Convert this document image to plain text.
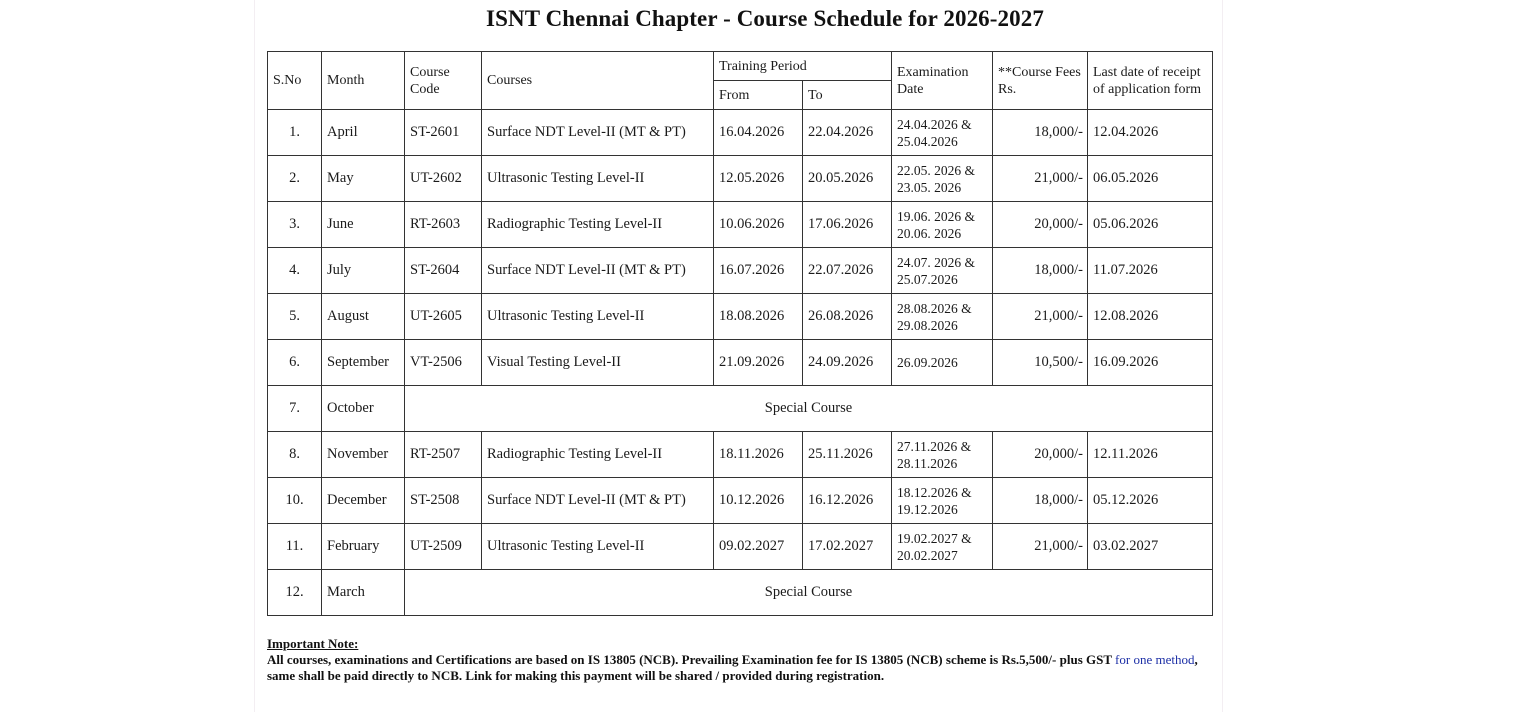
ISNT Chennai Chapter - Course Schedule for 2026-2027
S.No	Month	Course Code	Courses	Training Period		Examination Date	**Course Fees Rs.	Last date of receipt of application form
				From	To			
1.	April	ST-2601	Surface NDT Level-II (MT & PT)	16.04.2026	22.04.2026	24.04.2026 & 25.04.2026	18,000/-	12.04.2026
2.	May	UT-2602	Ultrasonic Testing Level-II	12.05.2026	20.05.2026	22.05. 2026 & 23.05. 2026	21,000/-	06.05.2026
3.	June	RT-2603	Radiographic Testing Level-II	10.06.2026	17.06.2026	19.06. 2026 & 20.06. 2026	20,000/-	05.06.2026
4.	July	ST-2604	Surface NDT Level-II (MT & PT)	16.07.2026	22.07.2026	24.07. 2026 & 25.07.2026	18,000/-	11.07.2026
5.	August	UT-2605	Ultrasonic Testing Level-II	18.08.2026	26.08.2026	28.08.2026 & 29.08.2026	21,000/-	12.08.2026
6.	September	VT-2506	Visual Testing Level-II	21.09.2026	24.09.2026	26.09.2026	10,500/-	16.09.2026
7.	October	Special Course						
8.	November	RT-2507	Radiographic Testing Level-II	18.11.2026	25.11.2026	27.11.2026 & 28.11.2026	20,000/-	12.11.2026
10.	December	ST-2508	Surface NDT Level-II (MT & PT)	10.12.2026	16.12.2026	18.12.2026 & 19.12.2026	18,000/-	05.12.2026
11.	February	UT-2509	Ultrasonic Testing Level-II	09.02.2027	17.02.2027	19.02.2027 & 20.02.2027	21,000/-	03.02.2027
12.	March	Special Course						
Important Note:
All courses, examinations and Certifications are based on IS 13805 (NCB). Prevailing Examination fee for IS 13805 (NCB) scheme is Rs.5,500/- plus GST for one method, same shall be paid directly to NCB. Link for making this payment will be shared / provided during registration.
